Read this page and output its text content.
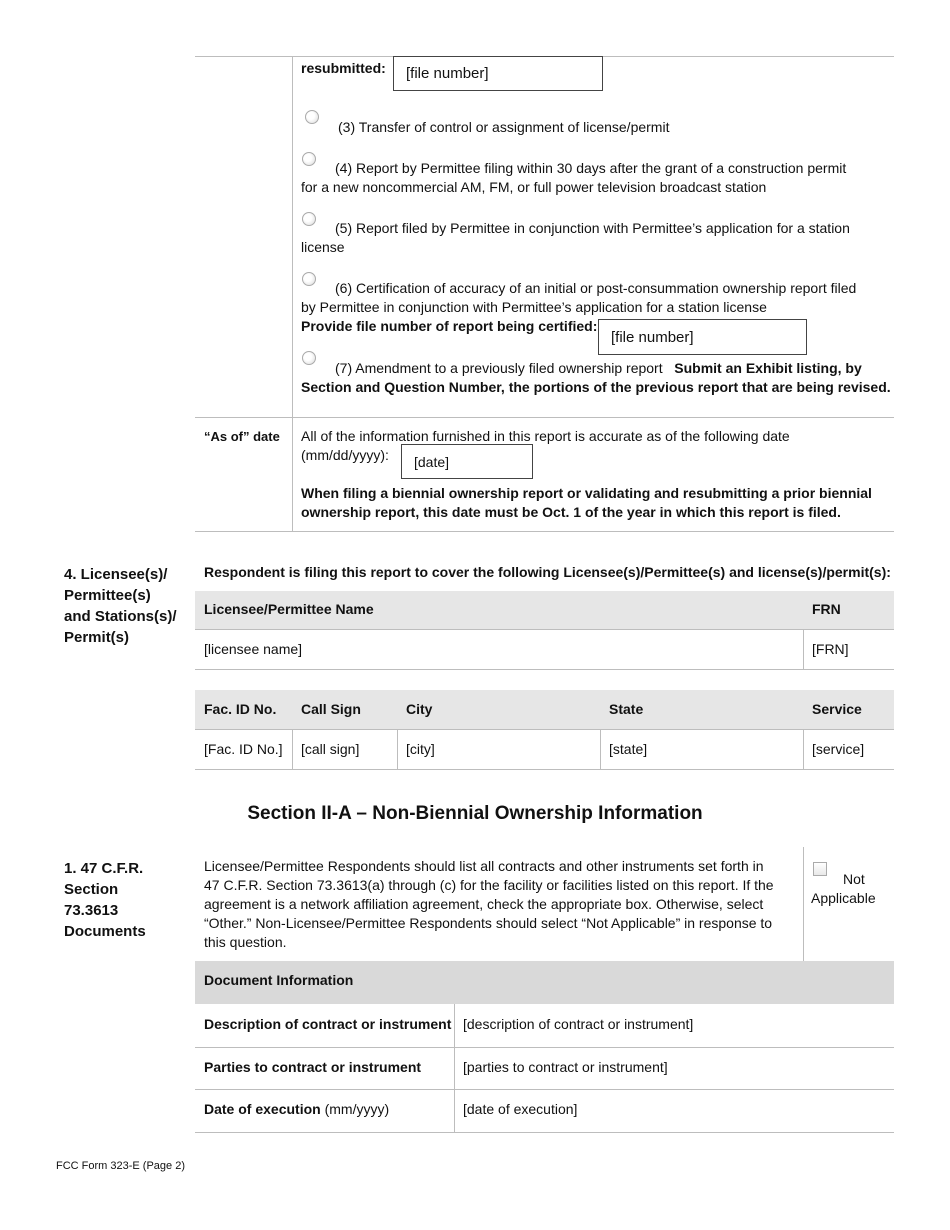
resubmitted:	[file number]
(3) Transfer of control or assignment of license/permit
(4) Report by Permittee filing within 30 days after the grant of a construction permit
for a new noncommercial AM, FM, or full power television broadcast station
(5) Report filed by Permittee in conjunction with Permittee’s application for a station
license
(6) Certification of accuracy of an initial or post-consummation ownership report filed
by Permittee in conjunction with Permittee’s application for a station license
Provide file number of report being certified:
[file number]
(7) Amendment to a previously filed ownership report Submit an Exhibit listing, by
Section and Question Number, the portions of the previous report that are being revised.
“As of” date All of the information furnished in this report is accurate as of the following date
(mm/dd/yyyy):	[date]
When filing a biennial ownership report or validating and resubmitting a prior biennial
ownership report, this date must be Oct. 1 of the year in which this report is filed.
4. Licensee(s)/
Permittee(s)
and Stations(s)/
Permit(s)
Respondent is filing this report to cover the following Licensee(s)/Permittee(s) and license(s)/permit(s):
Licensee/Permittee Name	FRN
[licensee name]	[FRN]
Fac. ID No. Call Sign	City	State	Service
[Fac. ID No.] [call sign]	[city]	[state]	[service]
Section II-A – Non-Biennial Ownership Information
1. 47 C.F.R.
Section
73.3613
Documents
Licensee/Permittee Respondents should list all contracts and other instruments set forth in
47 C.F.R. Section 73.3613(a) through (c) for the facility or facilities listed on this report. If the
agreement is a network affiliation agreement, check the appropriate box. Otherwise, select
“Other.” Non-Licensee/Permittee Respondents should select “Not Applicable” in response to
this question.
Not
Applicable
Document Information
Description of contract or instrument [description of contract or instrument]
Parties to contract or instrument	[parties to contract or instrument]
Date of execution (mm/yyyy)	[date of execution]
FCC Form 323-E (Page 2)
